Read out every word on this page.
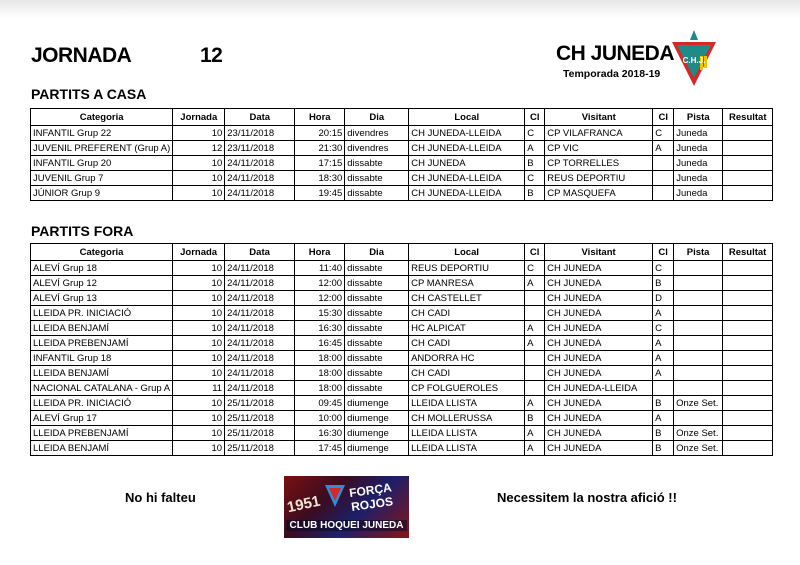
JORNADA	12	CH JUNEDA
Temporada 2018-19
C.H.J.
PARTITS A CASA
Categoria	Jornada	Data	Hora	Dia	Local	Cl	Visitant	Cl	Pista	Resultat
INFANTIL Grup 22	10	23/11/2018	20:15	divendres	CH JUNEDA-LLEIDA	C	CP VILAFRANCA	C	Juneda	
JUVENIL PREFERENT (Grup A)	12	23/11/2018	21:30	divendres	CH JUNEDA-LLEIDA	A	CP VIC	A	Juneda	
INFANTIL Grup 20	10	24/11/2018	17:15	dissabte	CH JUNEDA	B	CP TORRELLES		Juneda	
JUVENIL Grup 7	10	24/11/2018	18:30	dissabte	CH JUNEDA-LLEIDA	C	REUS DEPORTIU		Juneda	
JÚNIOR Grup 9	10	24/11/2018	19:45	dissabte	CH JUNEDA-LLEIDA	B	CP MASQUEFA		Juneda	
PARTITS FORA
Categoria	Jornada	Data	Hora	Dia	Local	Cl	Visitant	Cl	Pista	Resultat
ALEVÍ Grup 18	10	24/11/2018	11:40	dissabte	REUS DEPORTIU	C	CH JUNEDA	C		
ALEVÍ Grup 12	10	24/11/2018	12:00	dissabte	CP MANRESA	A	CH JUNEDA	B		
ALEVÍ Grup 13	10	24/11/2018	12:00	dissabte	CH CASTELLET		CH JUNEDA	D		
LLEIDA PR. INICIACIÓ	10	24/11/2018	15:30	dissabte	CH CADI		CH JUNEDA	A		
LLEIDA BENJAMÍ	10	24/11/2018	16:30	dissabte	HC ALPICAT	A	CH JUNEDA	C		
LLEIDA PREBENJAMÍ	10	24/11/2018	16:45	dissabte	CH CADI	A	CH JUNEDA	A		
INFANTIL Grup 18	10	24/11/2018	18:00	dissabte	ANDORRA HC		CH JUNEDA	A		
LLEIDA BENJAMÍ	10	24/11/2018	18:00	dissabte	CH CADI		CH JUNEDA	A		
NACIONAL CATALANA - Grup A	11	24/11/2018	18:00	dissabte	CP FOLGUEROLES		CH JUNEDA-LLEIDA			
LLEIDA PR. INICIACIÓ	10	25/11/2018	09:45	diumenge	LLEIDA LLISTA	A	CH JUNEDA	B	Onze Set.	
ALEVÍ Grup 17	10	25/11/2018	10:00	diumenge	CH MOLLERUSSA	B	CH JUNEDA	A		
LLEIDA PREBENJAMÍ	10	25/11/2018	16:30	diumenge	LLEIDA LLISTA	A	CH JUNEDA	B	Onze Set.	
LLEIDA BENJAMÍ	10	25/11/2018	17:45	diumenge	LLEIDA LLISTA	A	CH JUNEDA	B	Onze Set.	
No hi falteu	1951
FORÇA ROJOS
CLUB HOQUEI JUNEDA
Necessitem la nostra afició !!
